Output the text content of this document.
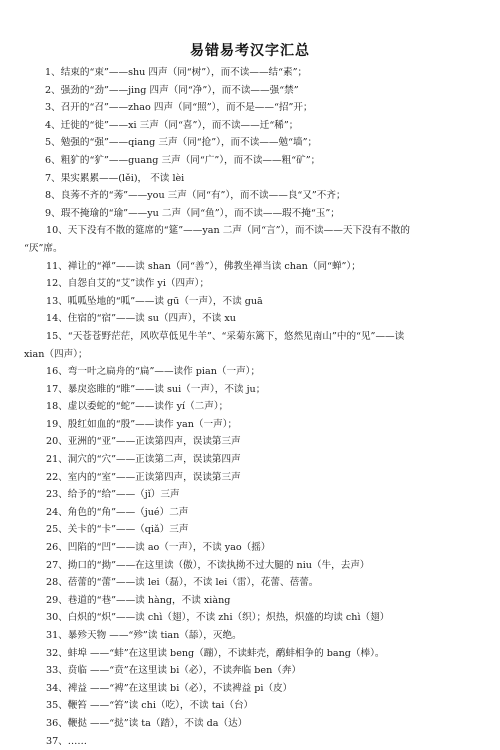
易错易考汉字汇总
1、结束的“束”——shu 四声（同“树”），而不读——结“素”；
2、强劲的“劲”——jing 四声（同“净”），而不读——强“禁”
3、召开的“召”——zhao 四声（同“照”），而不是——“招”开；
4、迁徙的“徙”——xi 三声（同“喜”），而不读——迁“稀”；
5、勉强的“强”——qiang 三声（同“抢”），而不读——勉“墙”；
6、粗犷的“犷”——guang 三声（同“广”），而不读——粗“矿”；
7、果实累累——(lěi)， 不读 lèi
8、良莠不齐的“莠”——you 三声（同“有”），而不读——良“又”不齐；
9、瑕不掩瑜的“瑜”——yu 二声（同“鱼”），而不读——瑕不掩“玉”；
10、天下没有不散的筵席的“筵”——yan 二声（同“言”），而不读——天下没有不散的
“厌”席。
11、禅让的“禅”——读 shan（同“善”），佛教坐禅当读 chan（同“蝉”）；
12、自怨自艾的“艾”读作 yi（四声）；
13、呱呱坠地的“呱”——读 gū（一声），不读 guā
14、住宿的“宿”——读 su（四声），不读 xu
15、“天苍苍野茫茫，风吹草低见牛羊”、“采菊东篱下，悠然见南山”中的“见”——读
xian（四声）；
16、弯一叶之扁舟的“扁”——读作 pian（一声）；
17、暴戾恣睢的“睢”——读 sui（一声），不读 ju；
18、虚以委蛇的“蛇”——读作 yí（二声）；
19、殷红如血的“殷”——读作 yan（一声）；
20、亚洲的“亚”——正读第四声，误读第三声
21、洞穴的“穴”——正读第二声，误读第四声
22、室内的“室”——正读第四声，误读第三声
23、给予的“给”——（jǐ）三声
24、角色的“角”——（jué）二声
25、关卡的“卡”——（qiǎ）三声
26、凹陷的“凹”——读 ao（一声），不读 yao（摇）
27、拗口的“拗”——在这里读（傲），不读执拗不过大腿的 niu（牛，去声）
28、蓓蕾的“蕾”——读 lei（磊），不读 lei（雷），花蕾、蓓蕾。
29、巷道的“巷”——读 hàng，不读 xiàng
30、白炽的“炽”——读 chì（翅），不读 zhi（织）；炽热，炽盛的均读 chì（翅）
31、暴殄天物 ——“殄”读 tian（舔），灭绝。
32、蚌埠 ——“蚌”在这里读 beng（蹦），不读蚌壳，鹬蚌相争的 bang（棒）。
33、贲临 ——“贲”在这里读 bi（必），不读奔临 ben（奔）
34、裨益 ——“裨”在这里读 bi（必），不读裨益 pi（皮）
35、鞭笞 ——“笞”读 chi（吃），不读 tai（台）
36、鞭挞 ——“挞”读 ta（踏），不读 da（达）
37、……
